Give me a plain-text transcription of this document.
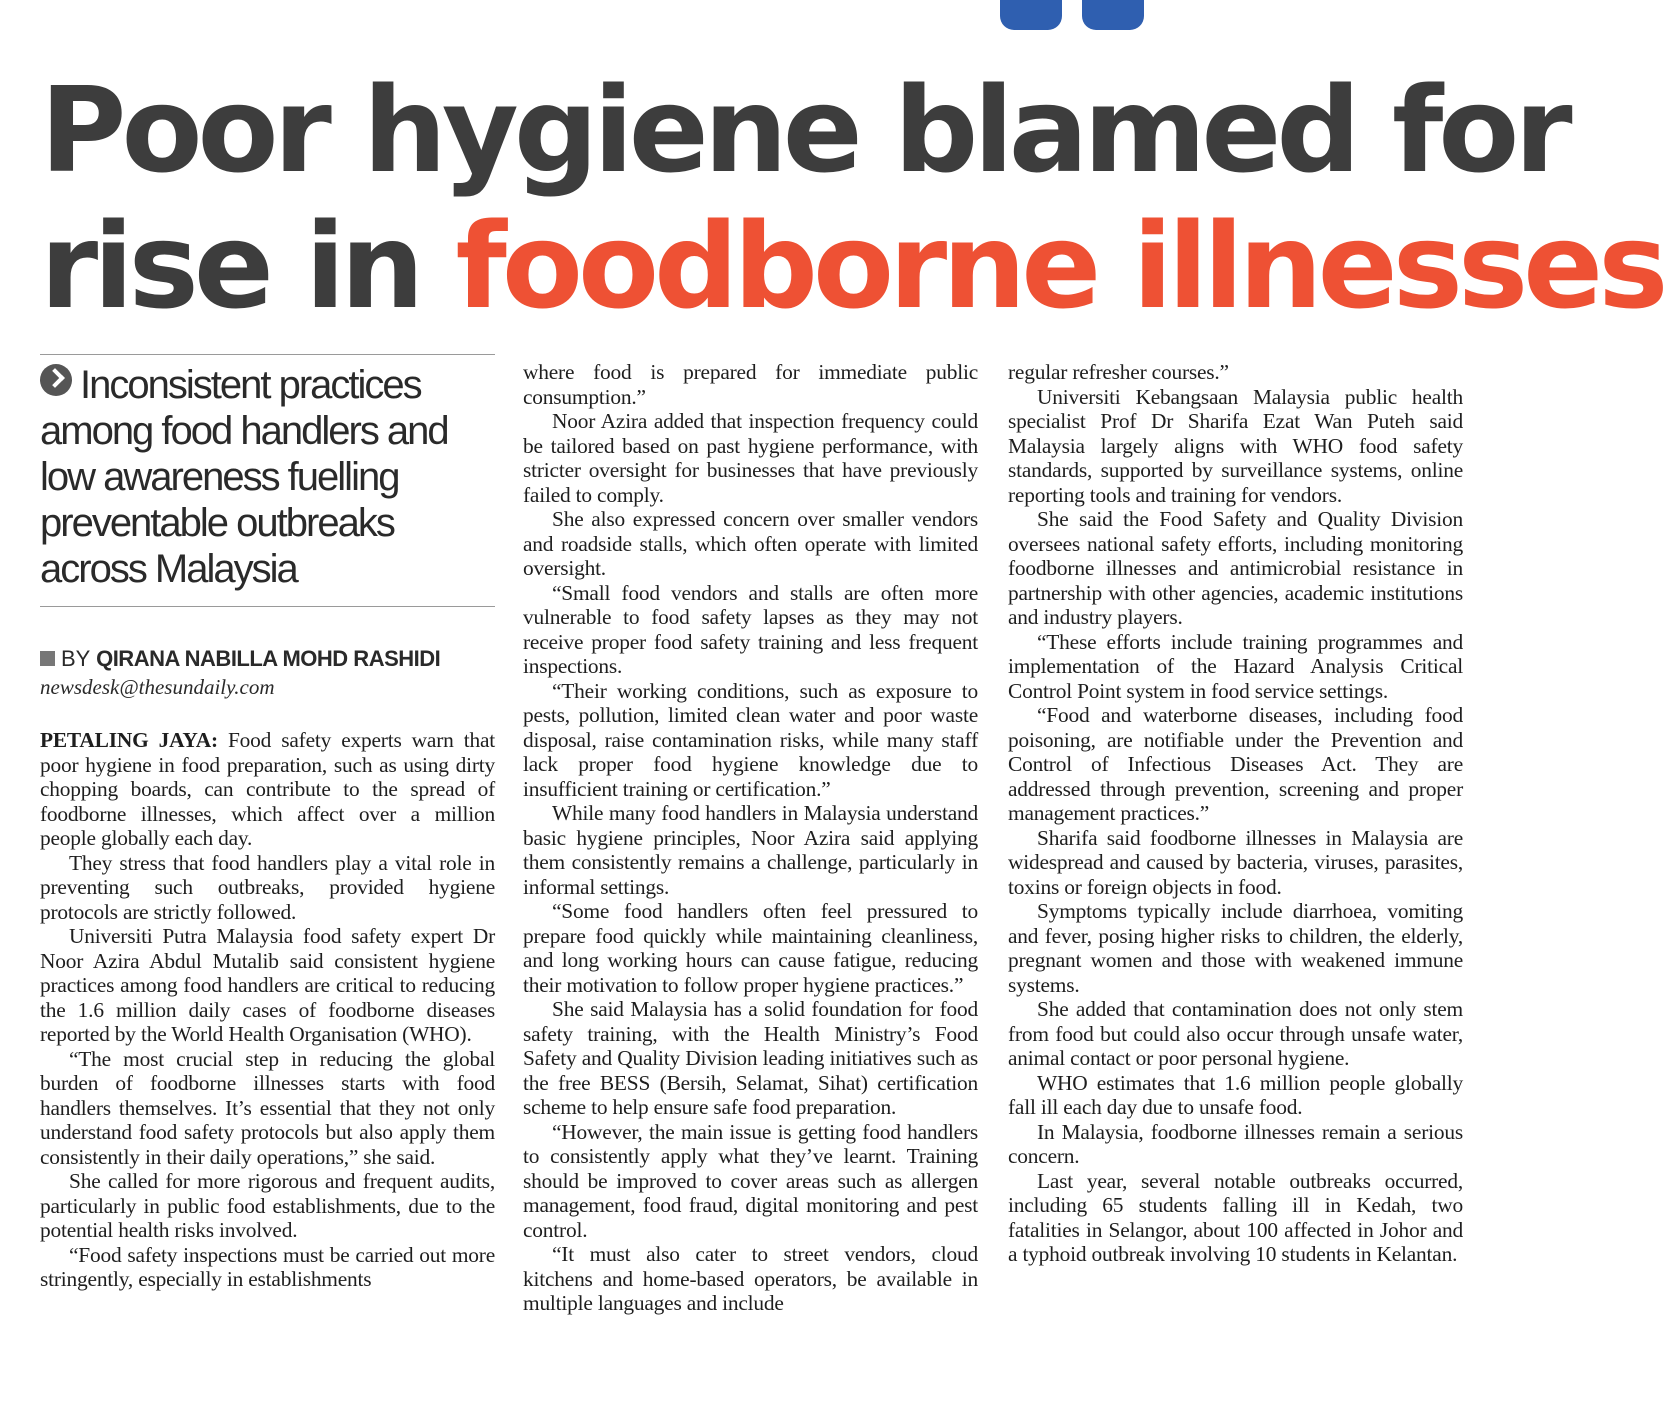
Poor hygiene blamed for
rise in foodborne illnesses

Inconsistent practices among food handlers and low awareness fuelling preventable outbreaks across Malaysia

BY QIRANA NABILLA MOHD RASHIDI
newsdesk@thesundaily.com

PETALING JAYA: Food safety experts warn that poor hygiene in food preparation, such as using dirty chopping boards, can contribute to the spread of foodborne illnesses, which affect over a million people globally each day.

They stress that food handlers play a vital role in preventing such outbreaks, provided hygiene protocols are strictly followed.

Universiti Putra Malaysia food safety expert Dr Noor Azira Abdul Mutalib said consistent hygiene practices among food handlers are critical to reducing the 1.6 million daily cases of foodborne diseases reported by the World Health Organisation (WHO).

“The most crucial step in reducing the global burden of foodborne illnesses starts with food handlers themselves. It’s essential that they not only understand food safety protocols but also apply them consistently in their daily operations,” she said.

She called for more rigorous and frequent audits, particularly in public food establishments, due to the potential health risks involved.

“Food safety inspections must be carried out more stringently, especially in establishments

where food is prepared for immediate public consumption.”

Noor Azira added that inspection frequency could be tailored based on past hygiene performance, with stricter oversight for businesses that have previously failed to comply.

She also expressed concern over smaller vendors and roadside stalls, which often operate with limited oversight.

“Small food vendors and stalls are often more vulnerable to food safety lapses as they may not receive proper food safety training and less frequent inspections.

“Their working conditions, such as exposure to pests, pollution, limited clean water and poor waste disposal, raise contamination risks, while many staff lack proper food hygiene knowledge due to insufficient training or certification.”

While many food handlers in Malaysia understand basic hygiene principles, Noor Azira said applying them consistently remains a challenge, particularly in informal settings.

“Some food handlers often feel pressured to prepare food quickly while maintaining cleanliness, and long working hours can cause fatigue, reducing their motivation to follow proper hygiene practices.”

She said Malaysia has a solid foundation for food safety training, with the Health Ministry’s Food Safety and Quality Division leading initiatives such as the free BESS (Bersih, Selamat, Sihat) certification scheme to help ensure safe food preparation.

“However, the main issue is getting food handlers to consistently apply what they’ve learnt. Training should be improved to cover areas such as allergen management, food fraud, digital monitoring and pest control.

“It must also cater to street vendors, cloud kitchens and home-based operators, be available in multiple languages and include

regular refresher courses.”

Universiti Kebangsaan Malaysia public health specialist Prof Dr Sharifa Ezat Wan Puteh said Malaysia largely aligns with WHO food safety standards, supported by surveillance systems, online reporting tools and training for vendors.

She said the Food Safety and Quality Division oversees national safety efforts, including monitoring foodborne illnesses and antimicrobial resistance in partnership with other agencies, academic institutions and industry players.

“These efforts include training programmes and implementation of the Hazard Analysis Critical Control Point system in food service settings.

“Food and waterborne diseases, including food poisoning, are notifiable under the Prevention and Control of Infectious Diseases Act. They are addressed through prevention, screening and proper management practices.”

Sharifa said foodborne illnesses in Malaysia are widespread and caused by bacteria, viruses, parasites, toxins or foreign objects in food.

Symptoms typically include diarrhoea, vomiting and fever, posing higher risks to children, the elderly, pregnant women and those with weakened immune systems.

She added that contamination does not only stem from food but could also occur through unsafe water, animal contact or poor personal hygiene.

WHO estimates that 1.6 million people globally fall ill each day due to unsafe food.

In Malaysia, foodborne illnesses remain a serious concern.

Last year, several notable outbreaks occurred, including 65 students falling ill in Kedah, two fatalities in Selangor, about 100 affected in Johor and a typhoid outbreak involving 10 students in Kelantan.
